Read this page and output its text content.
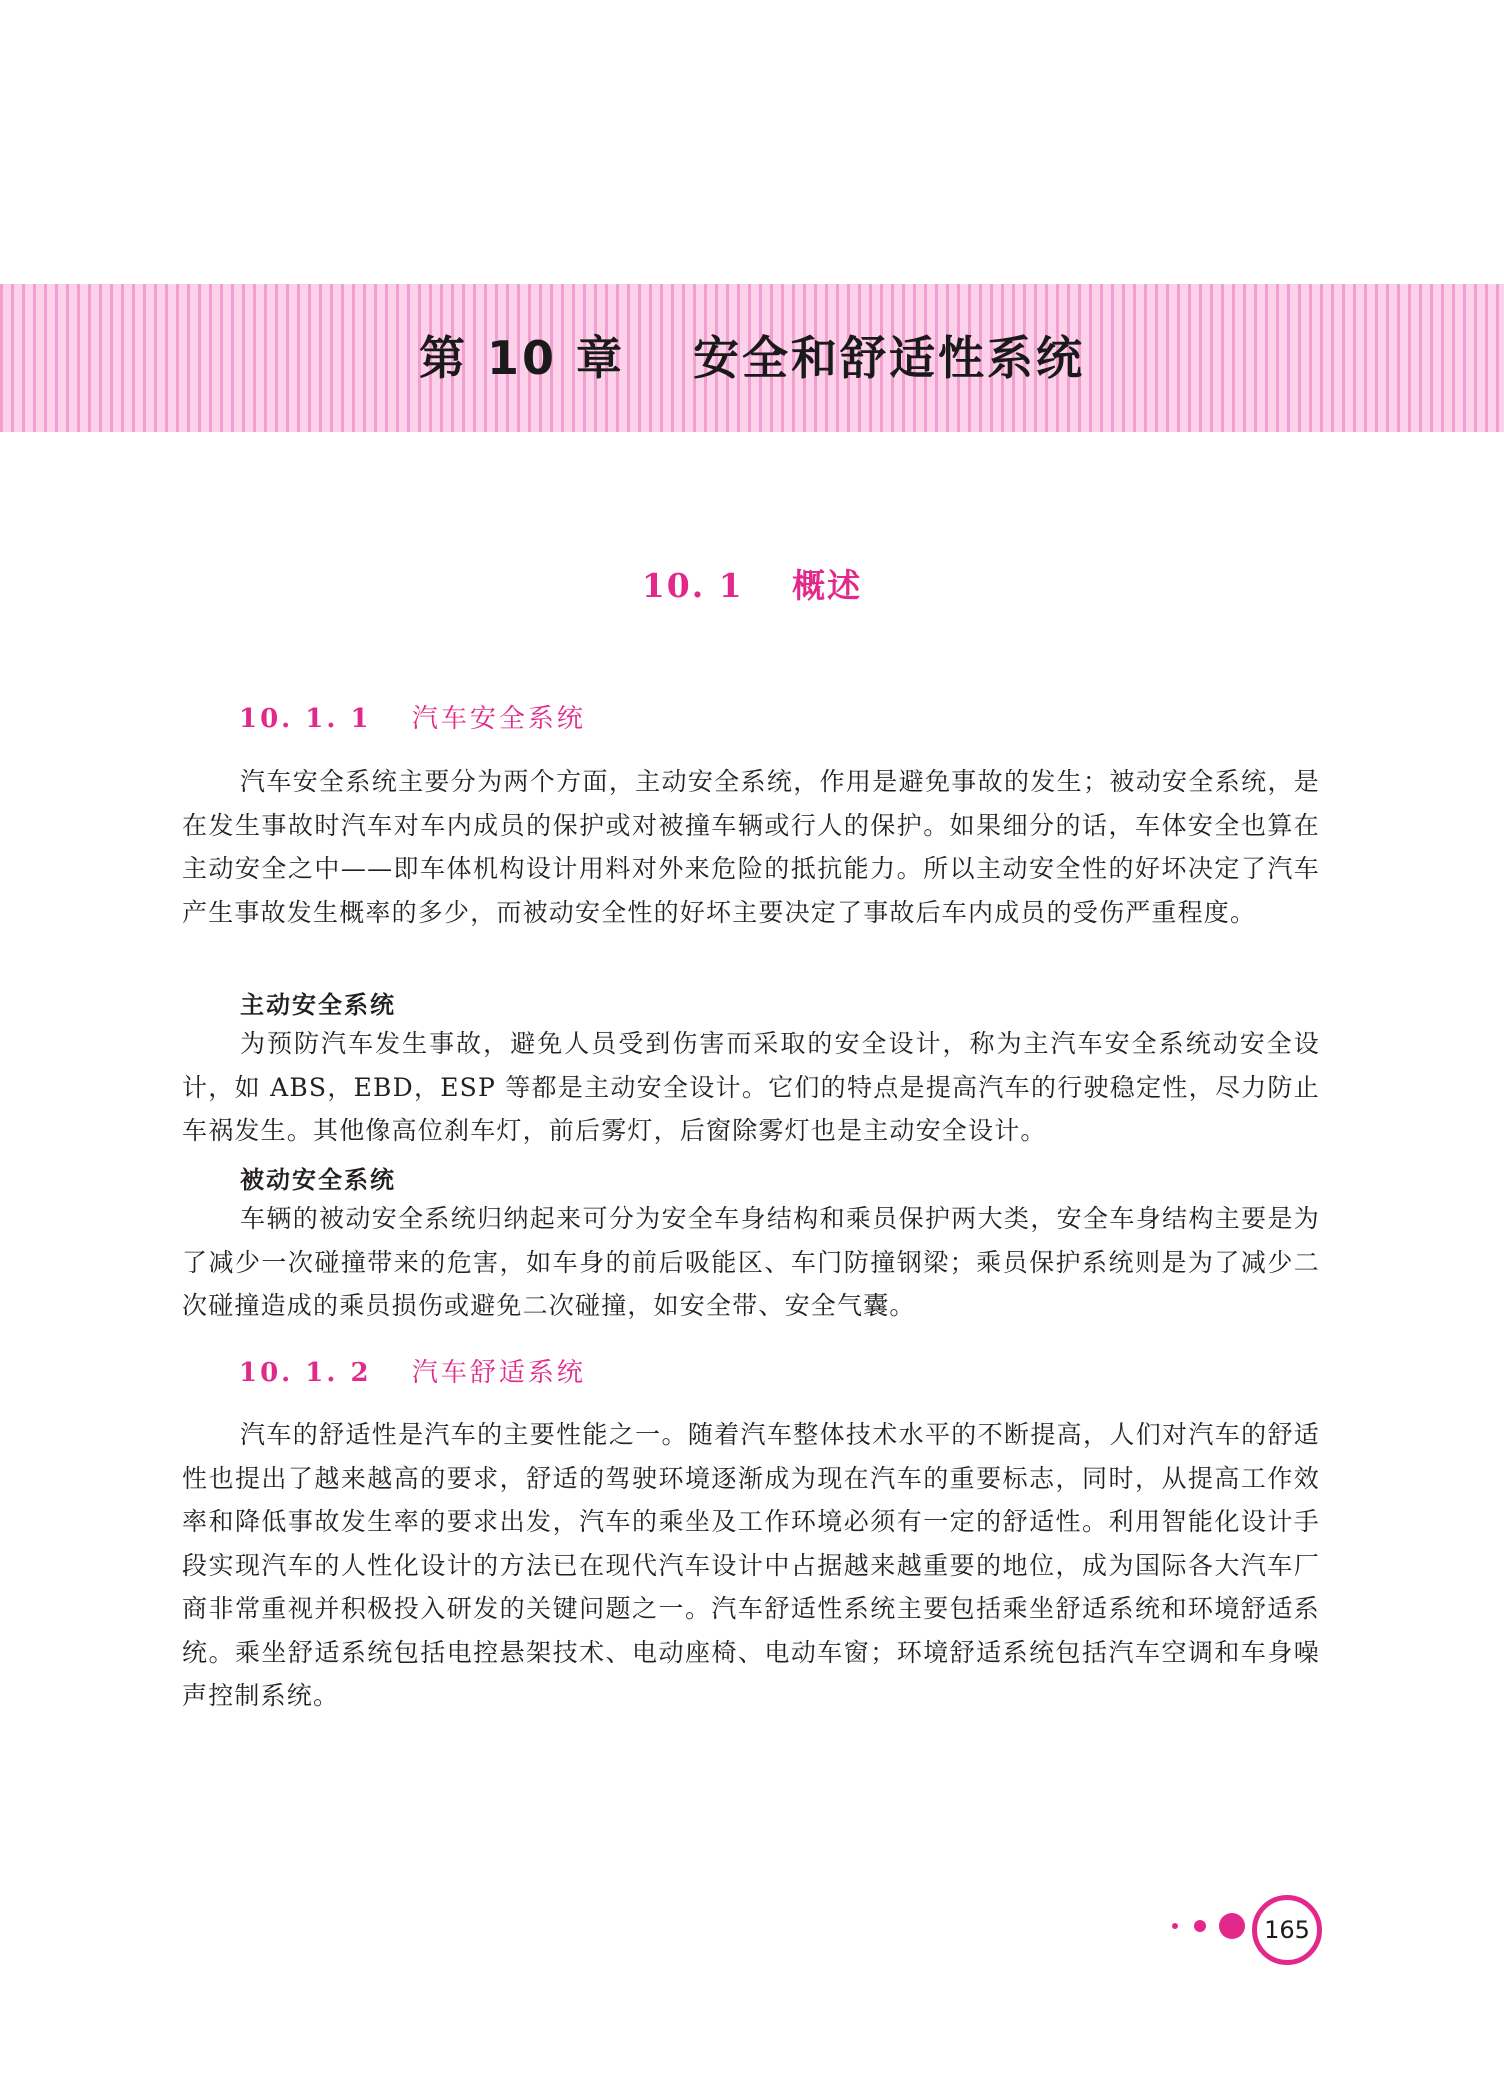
第 10 章　 安全和舒适性系统
10. 1　 概述
10. 1. 1　 汽车安全系统

汽车安全系统主要分为两个方面，主动安全系统，作用是避免事故的发生；被动安全系统，是在发生事故时汽车对车内成员的保护或对被撞车辆或行人的保护。如果细分的话，车体安全也算在主动安全之中——即车体机构设计用料对外来危险的抵抗能力。所以主动安全性的好坏决定了汽车产生事故发生概率的多少，而被动安全性的好坏主要决定了事故后车内成员的受伤严重程度。

主动安全系统

为预防汽车发生事故，避免人员受到伤害而采取的安全设计，称为主汽车安全系统动安全设计，如 ABS，EBD，ESP 等都是主动安全设计。它们的特点是提高汽车的行驶稳定性，尽力防止车祸发生。其他像高位刹车灯，前后雾灯，后窗除雾灯也是主动安全设计。

被动安全系统

车辆的被动安全系统归纳起来可分为安全车身结构和乘员保护两大类，安全车身结构主要是为了减少一次碰撞带来的危害，如车身的前后吸能区、车门防撞钢梁；乘员保护系统则是为了减少二次碰撞造成的乘员损伤或避免二次碰撞，如安全带、安全气囊。

10. 1. 2　 汽车舒适系统

汽车的舒适性是汽车的主要性能之一。随着汽车整体技术水平的不断提高，人们对汽车的舒适性也提出了越来越高的要求，舒适的驾驶环境逐渐成为现在汽车的重要标志，同时，从提高工作效率和降低事故发生率的要求出发，汽车的乘坐及工作环境必须有一定的舒适性。利用智能化设计手段实现汽车的人性化设计的方法已在现代汽车设计中占据越来越重要的地位，成为国际各大汽车厂商非常重视并积极投入研发的关键问题之一。汽车舒适性系统主要包括乘坐舒适系统和环境舒适系统。乘坐舒适系统包括电控悬架技术、电动座椅、电动车窗；环境舒适系统包括汽车空调和车身噪声控制系统。

165
